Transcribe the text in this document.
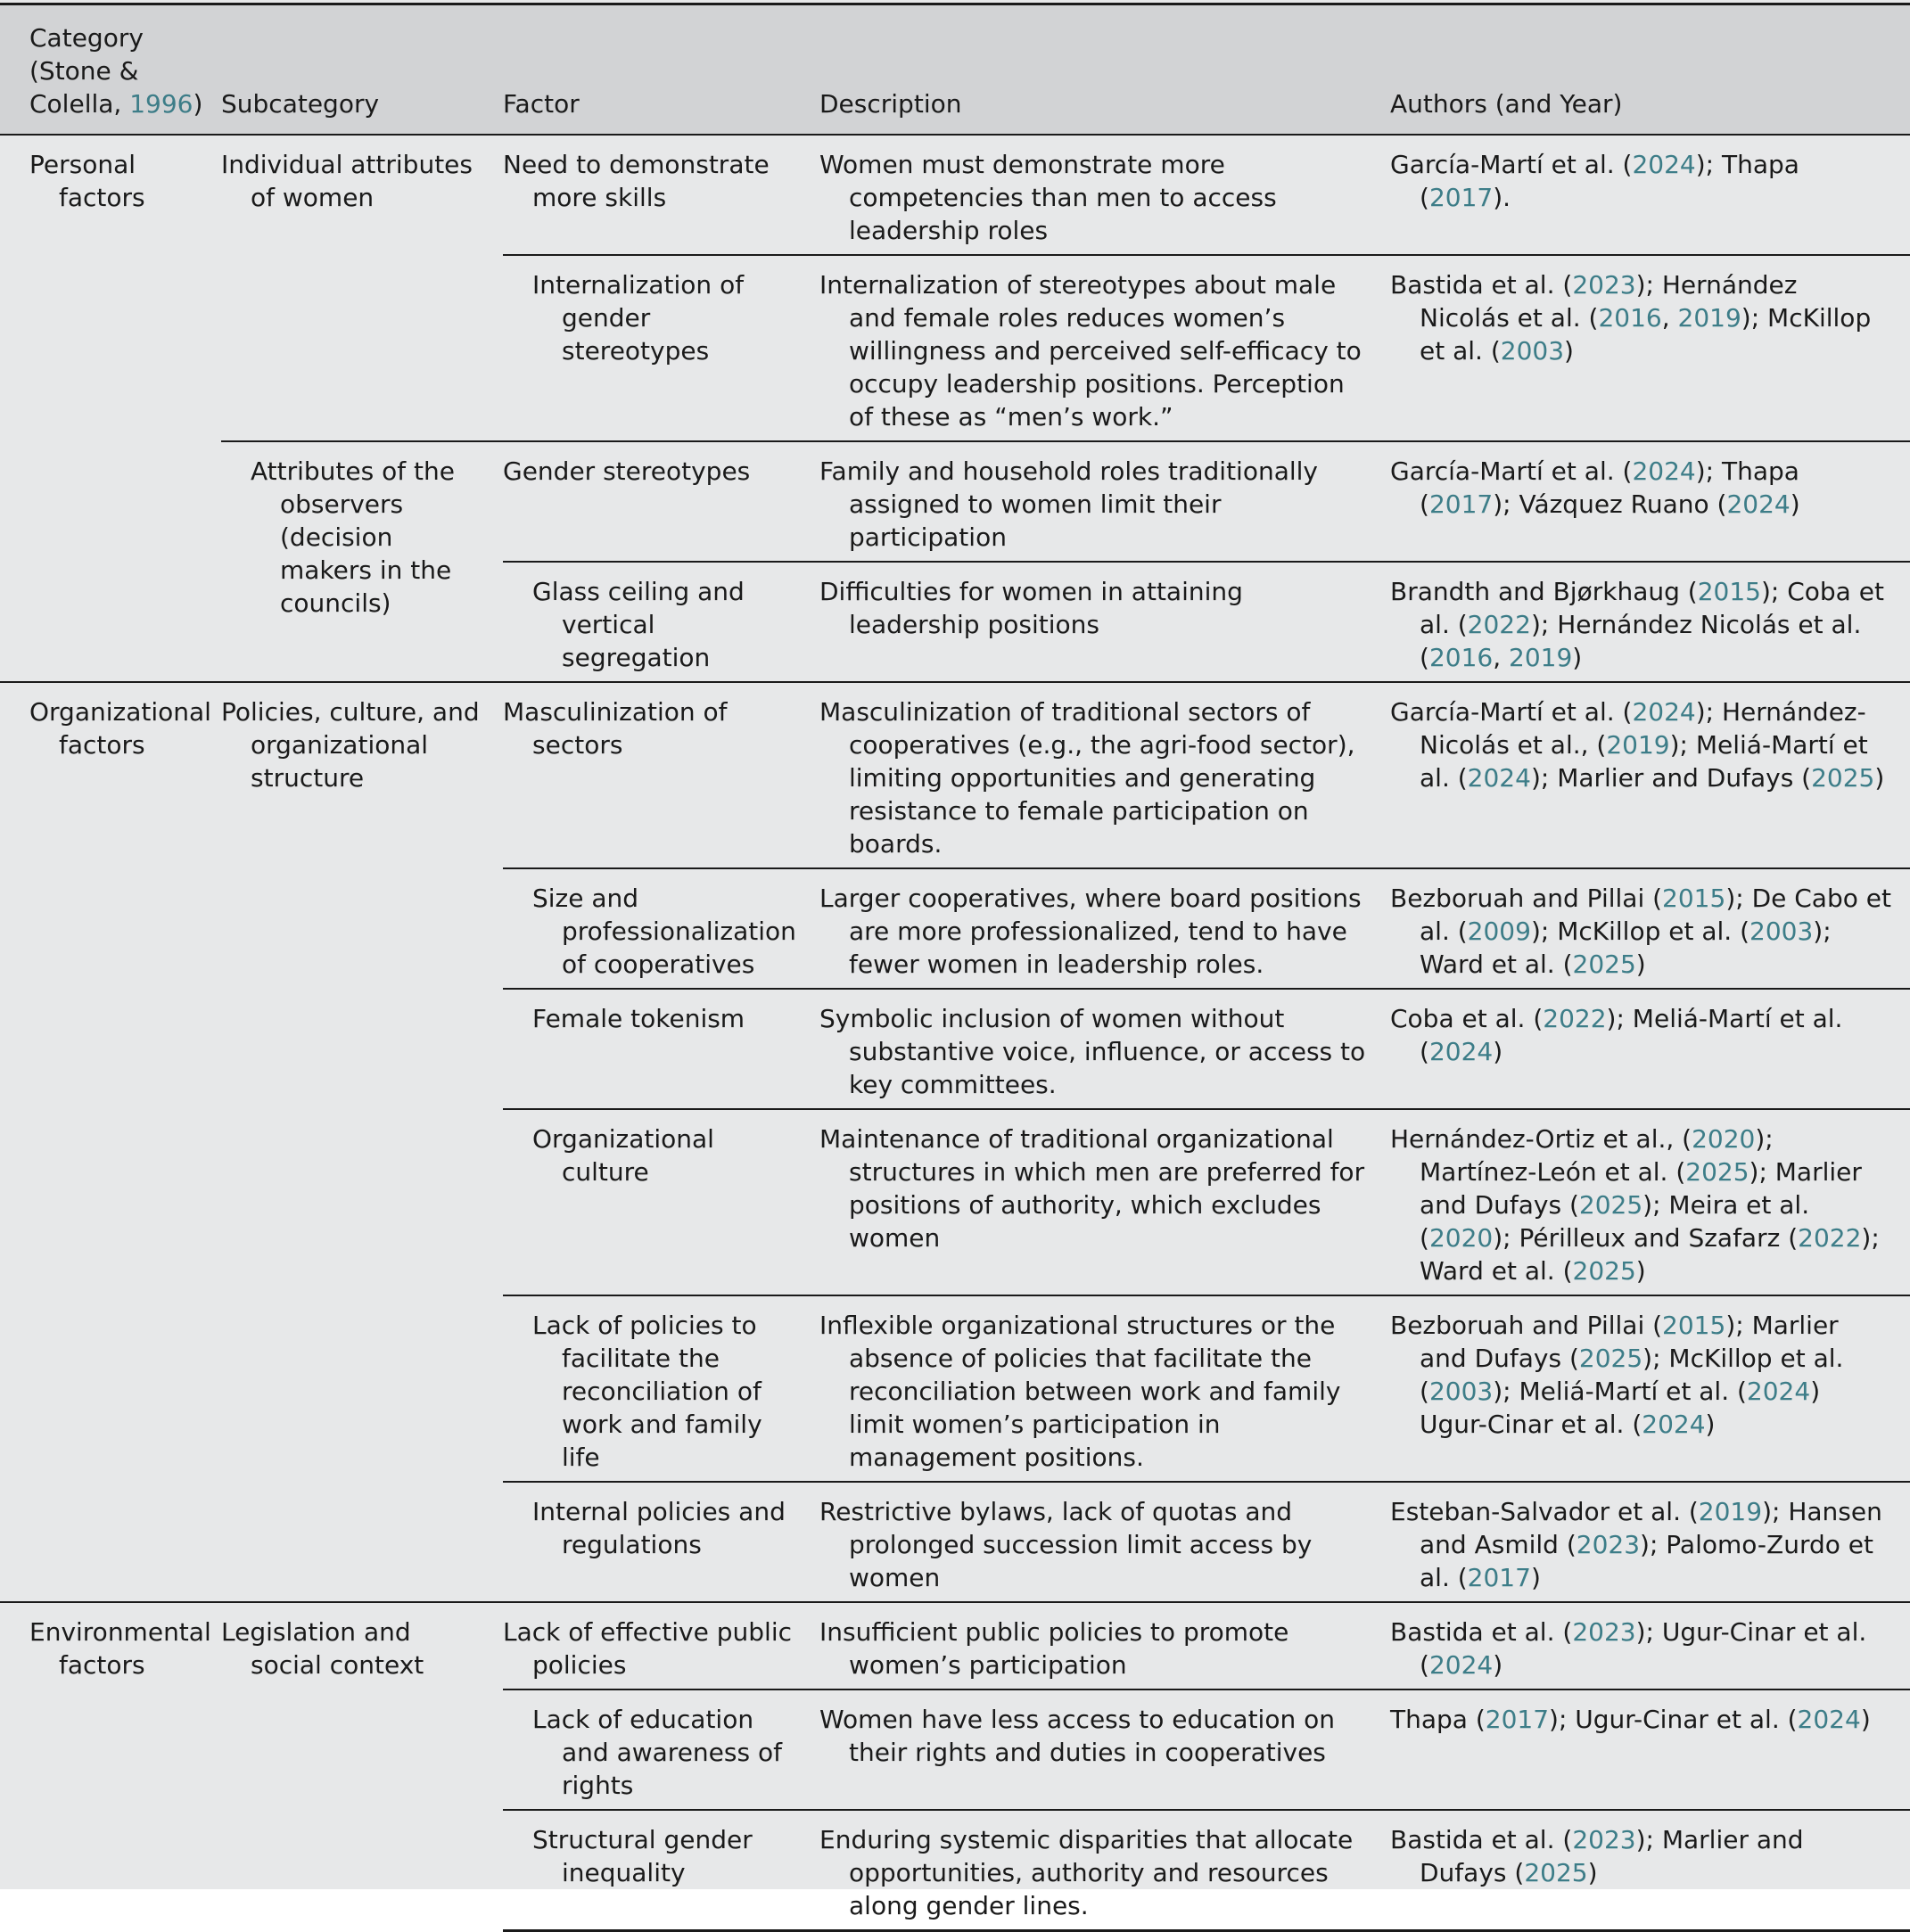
Category (Stone &
Colella, 1996)	Subcategory	Factor	Description	Authors (and Year)

Personal factors	Individual attributes of women	Need to demonstrate more skills	Women must demonstrate more competencies than men to access leadership roles	García-Martí et al. (2024); Thapa (2017).

		Internalization of gender stereotypes	Internalization of stereotypes about male and female roles reduces women’s willingness and perceived self-efficacy to occupy leadership positions. Perception of these as “men’s work.”	Bastida et al. (2023); Hernández Nicolás et al. (2016, 2019); McKillop et al. (2003)

	Attributes of the observers (decision makers in the councils)	Gender stereotypes	Family and household roles traditionally assigned to women limit their participation	García-Martí et al. (2024); Thapa (2017); Vázquez Ruano (2024)

		Glass ceiling and vertical segregation	Difficulties for women in attaining leadership positions	Brandth and Bjørkhaug (2015); Coba et al. (2022); Hernández Nicolás et al. (2016, 2019)

Organizational factors	Policies, culture, and organizational structure	Masculinization of sectors	Masculinization of traditional sectors of cooperatives (e.g., the agri-food sector), limiting opportunities and generating resistance to female participation on boards.	García-Martí et al. (2024); Hernández-Nicolás et al., (2019); Meliá-Martí et al. (2024); Marlier and Dufays (2025)

		Size and professionalization of cooperatives	Larger cooperatives, where board positions are more professionalized, tend to have fewer women in leadership roles.	Bezboruah and Pillai (2015); De Cabo et al. (2009); McKillop et al. (2003); Ward et al. (2025)

		Female tokenism	Symbolic inclusion of women without substantive voice, influence, or access to key committees.	Coba et al. (2022); Meliá-Martí et al. (2024)

		Organizational culture	Maintenance of traditional organizational structures in which men are preferred for positions of authority, which excludes women	Hernández-Ortiz et al., (2020); Martínez-León et al. (2025); Marlier and Dufays (2025); Meira et al. (2020); Périlleux and Szafarz (2022); Ward et al. (2025)

		Lack of policies to facilitate the reconciliation of work and family life	Inflexible organizational structures or the absence of policies that facilitate the reconciliation between work and family limit women’s participation in management positions.	Bezboruah and Pillai (2015); Marlier and Dufays (2025); McKillop et al. (2003); Meliá-Martí et al. (2024) Ugur-Cinar et al. (2024)

		Internal policies and regulations	Restrictive bylaws, lack of quotas and prolonged succession limit access by women	Esteban-Salvador et al. (2019); Hansen and Asmild (2023); Palomo-Zurdo et al. (2017)

Environmental factors	Legislation and social context	Lack of effective public policies	Insufficient public policies to promote women’s participation	Bastida et al. (2023); Ugur-Cinar et al. (2024)

		Lack of education and awareness of rights	Women have less access to education on their rights and duties in cooperatives	Thapa (2017); Ugur-Cinar et al. (2024)

		Structural gender inequality	Enduring systemic disparities that allocate opportunities, authority and resources along gender lines.	Bastida et al. (2023); Marlier and Dufays (2025)
